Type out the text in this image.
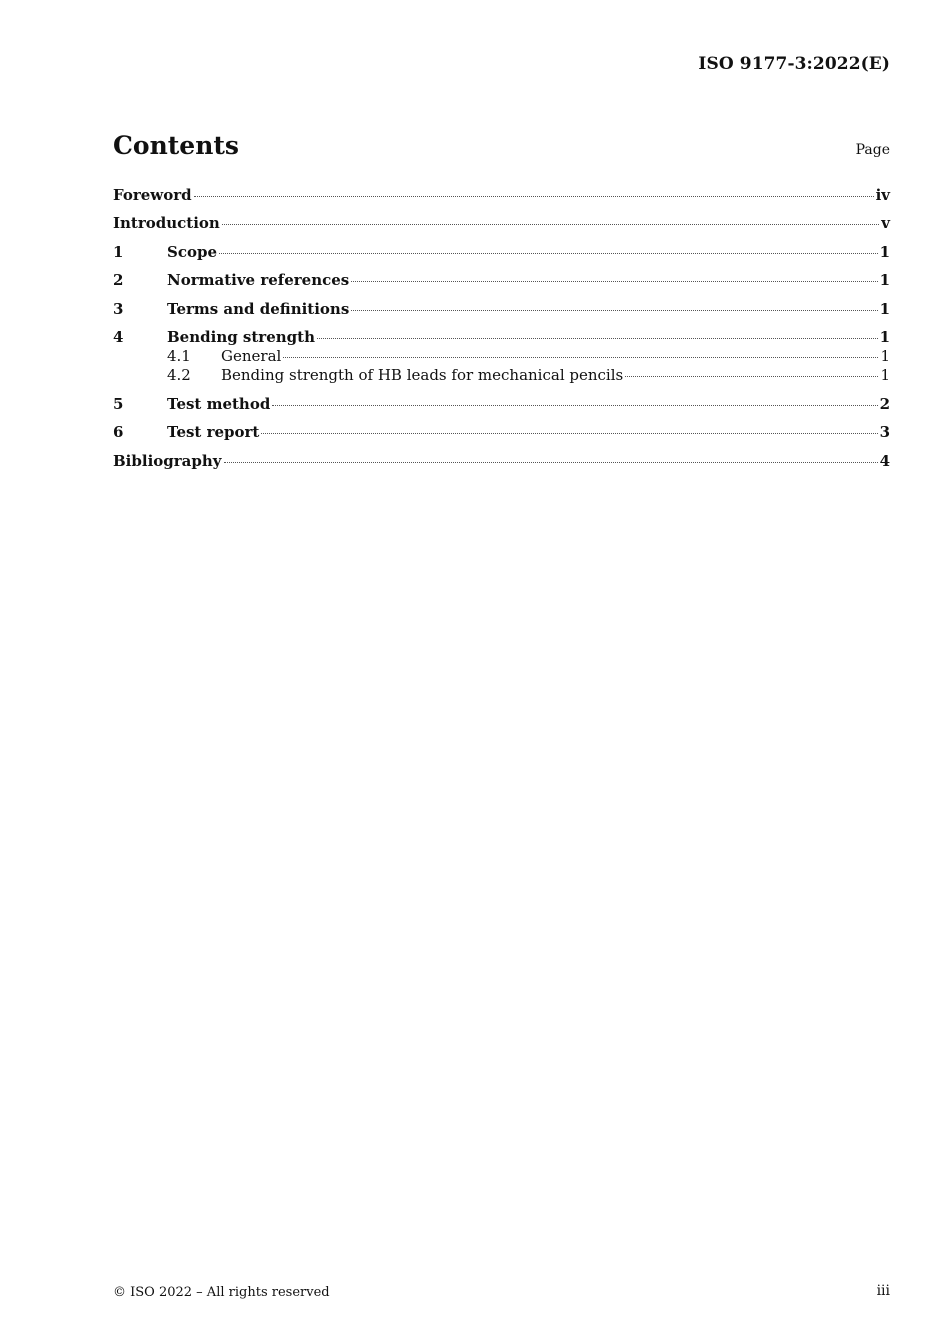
ISO 9177-3:2022(E)
Contents	Page
Foreword	iv
Introduction	v
1	Scope	1
2	Normative references	1
3	Terms and definitions	1
4	Bending strength	1
4.1	General	1
4.2	Bending strength of HB leads for mechanical pencils	1
5	Test method	2
6	Test report	3
Bibliography	4
© ISO 2022 – All rights reserved	iii
